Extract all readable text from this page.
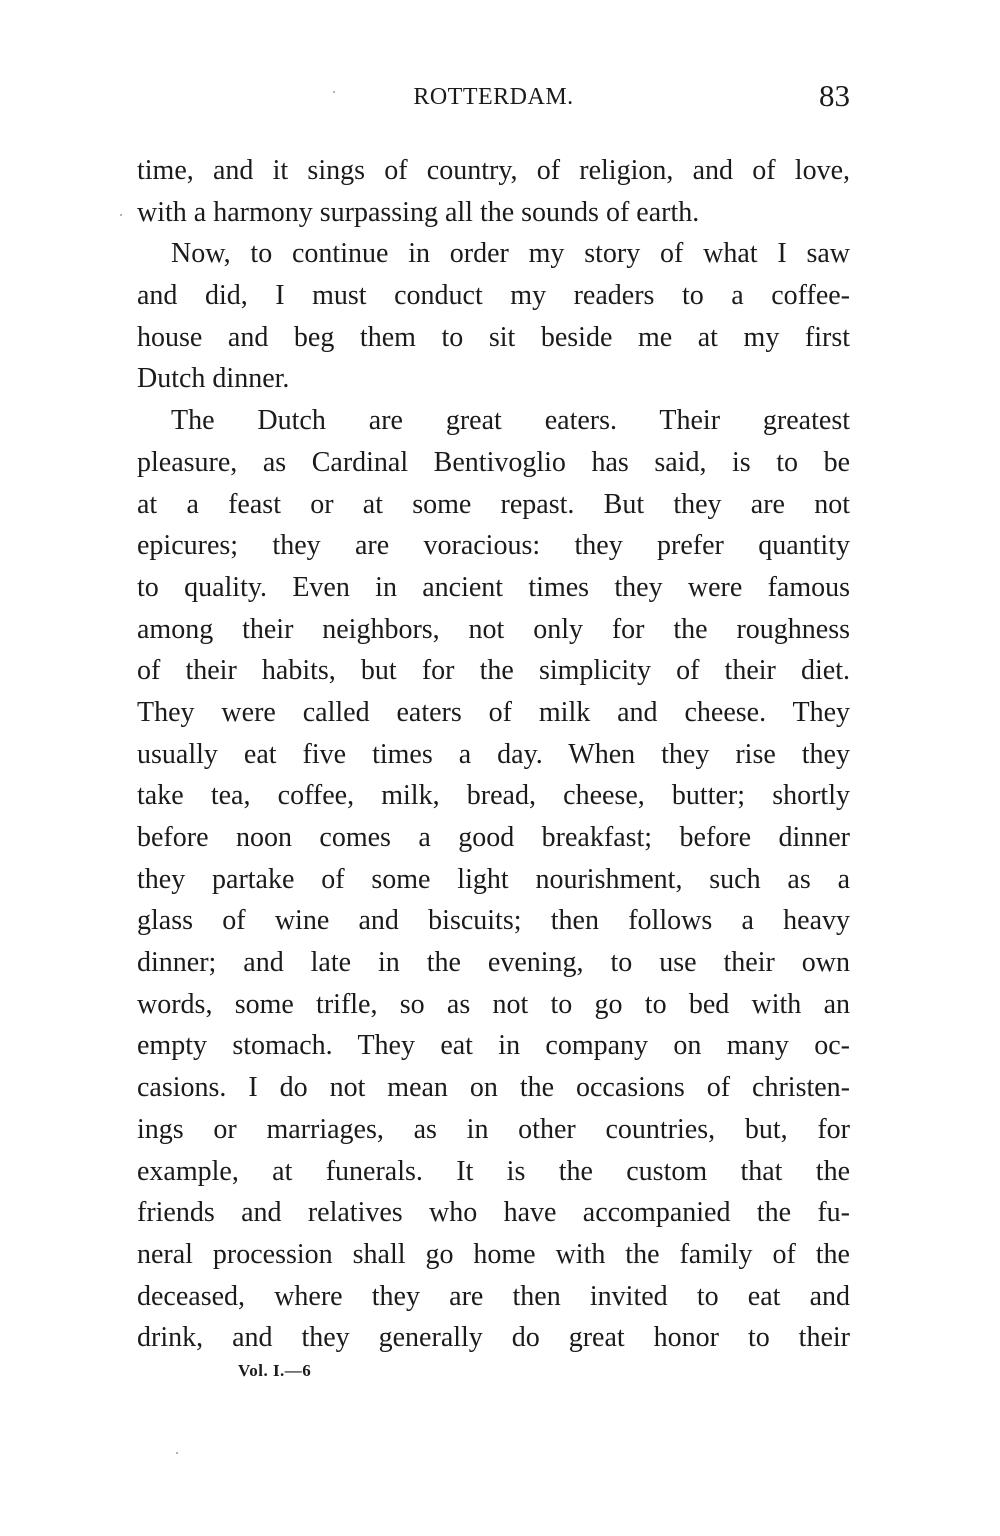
ROTTERDAM.	83
time, and it sings of country, of religion, and of love,
with a harmony surpassing all the sounds of earth.
Now, to continue in order my story of what I saw
and did, I must conduct my readers to a coffee-
house and beg them to sit beside me at my first
Dutch dinner.
The Dutch are great eaters. Their greatest
pleasure, as Cardinal Bentivoglio has said, is to be
at a feast or at some repast. But they are not
epicures; they are voracious: they prefer quantity
to quality. Even in ancient times they were famous
among their neighbors, not only for the roughness
of their habits, but for the simplicity of their diet.
They were called eaters of milk and cheese. They
usually eat five times a day. When they rise they
take tea, coffee, milk, bread, cheese, butter; shortly
before noon comes a good breakfast; before dinner
they partake of some light nourishment, such as a
glass of wine and biscuits; then follows a heavy
dinner; and late in the evening, to use their own
words, some trifle, so as not to go to bed with an
empty stomach. They eat in company on many oc-
casions. I do not mean on the occasions of christen-
ings or marriages, as in other countries, but, for
example, at funerals. It is the custom that the
friends and relatives who have accompanied the fu-
neral procession shall go home with the family of the
deceased, where they are then invited to eat and
drink, and they generally do great honor to their
Vol. I.—6
